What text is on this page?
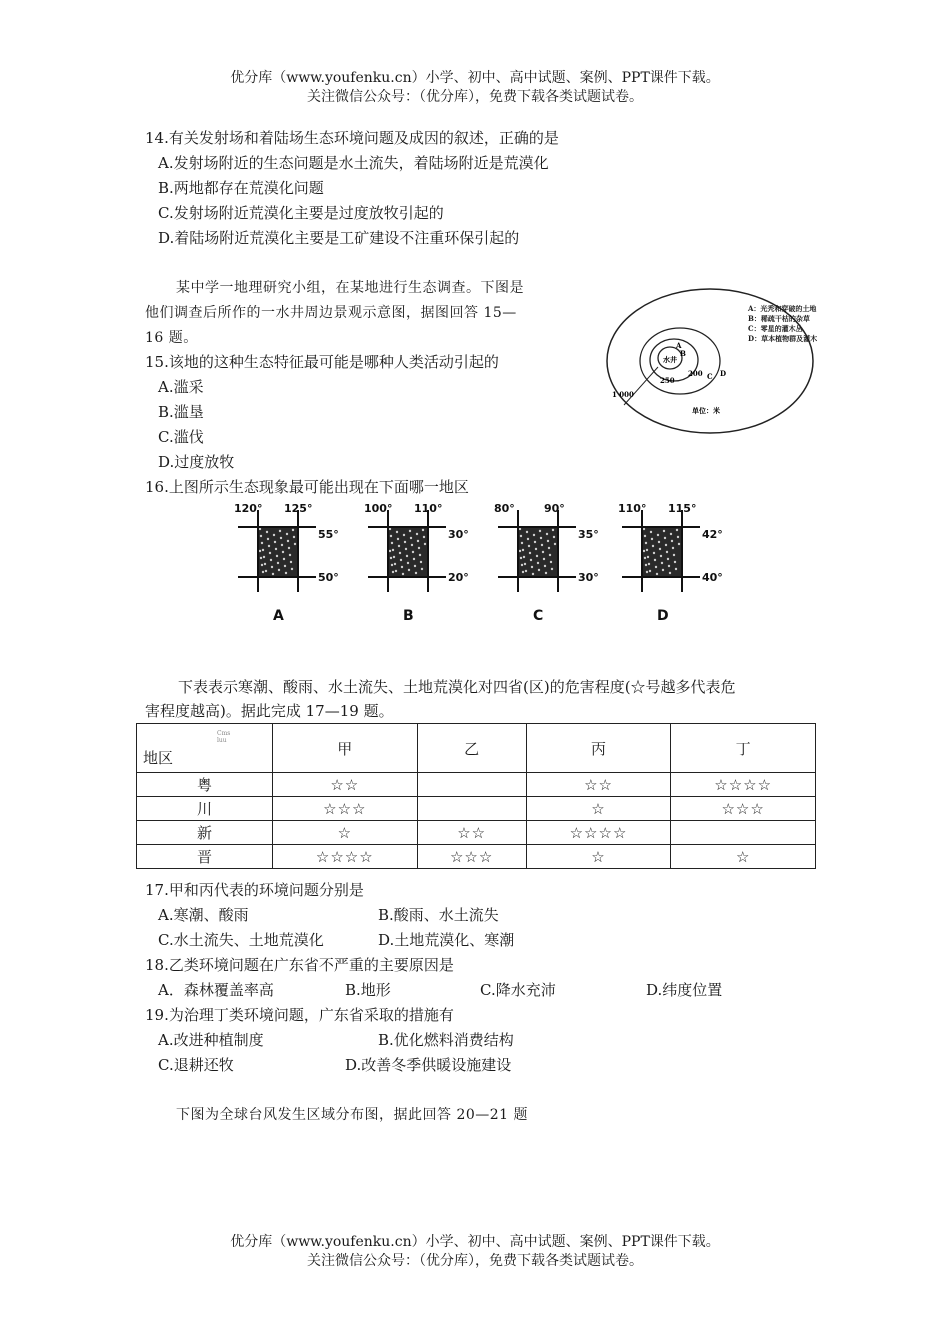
优分库（www.youfenku.cn）小学、初中、高中试题、案例、PPT课件下载。
关注微信公众号：（优分库），免费下载各类试题试卷。
14.有关发射场和着陆场生态环境问题及成因的叙述，正确的是
A.发射场附近的生态问题是水土流失，着陆场附近是荒漠化
B.两地都存在荒漠化问题
C.发射场附近荒漠化主要是过度放牧引起的
D.着陆场附近荒漠化主要是工矿建设不注重环保引起的
某中学一地理研究小组，在某地进行生态调查。下图是
他们调查后所作的一水井周边景观示意图，据图回答 15—
16 题。
15.该地的这种生态特征最可能是哪种人类活动引起的
A.滥采
B.滥垦
C.滥伐
D.过度放牧
16.上图所示生态现象最可能出现在下面哪一地区
水井
B
A
200
250	C D
1 000
单位：米
A：光秃和穿破的土地
B：稀疏干枯的杂草
C：零星的灌木丛
D：草本植物群及灌木
120° 125°
55°
50°
A
100° 110°
30°
20°
B
80°	90°
35°
30°
C
110° 115°
42°
40°
D
下表表示寒潮、酸雨、水土流失、土地荒漠化对四省(区)的危害程度(☆号越多代表危
害程度越高)。据此完成 17—19 题。
Cms
luu
地区	甲	乙	丙	丁
粤	☆☆		☆☆	☆☆☆☆
川	☆☆☆		☆	☆☆☆
新	☆	☆☆	☆☆☆☆	
晋	☆☆☆☆	☆☆☆	☆	☆
17.甲和丙代表的环境问题分别是
A.寒潮、酸雨	B.酸雨、水土流失
C.水土流失、土地荒漠化	D.土地荒漠化、寒潮
18.乙类环境问题在广东省不严重的主要原因是
A．森林覆盖率高	B.地形	C.降水充沛	D.纬度位置
19.为治理丁类环境问题，广东省采取的措施有
A.改进种植制度	B.优化燃料消费结构
C.退耕还牧	D.改善冬季供暖设施建设
下图为全球台风发生区域分布图，据此回答 20—21 题
优分库（www.youfenku.cn）小学、初中、高中试题、案例、PPT课件下载。
关注微信公众号：（优分库），免费下载各类试题试卷。
